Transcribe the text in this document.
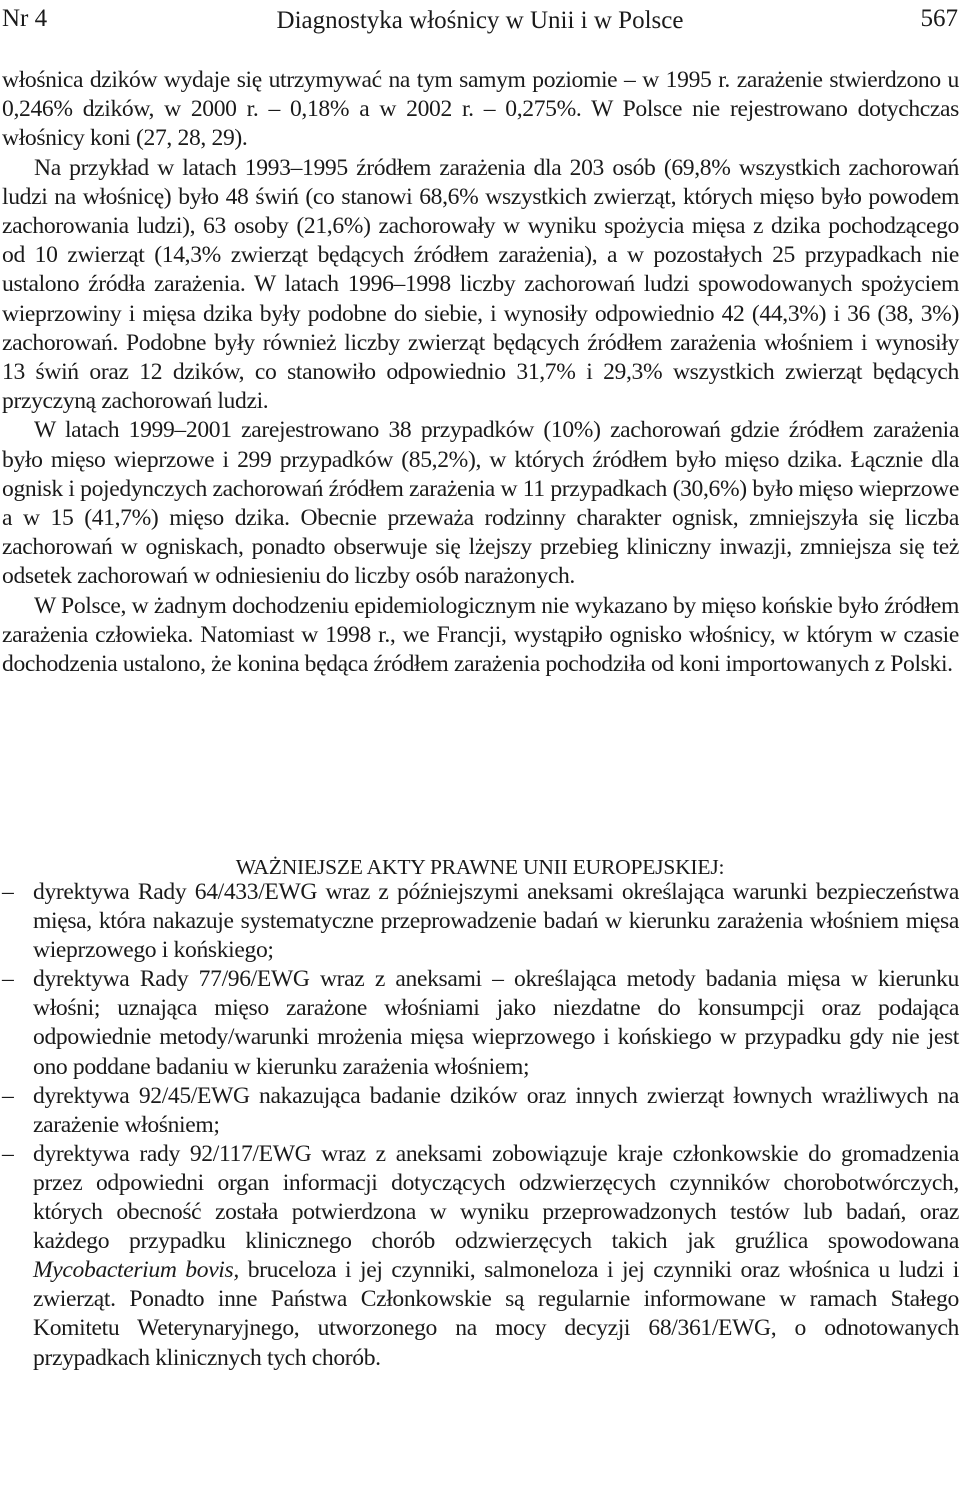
Nr 4	Diagnostyka włośnicy w Unii i w Polsce	567

włośnica dzików wydaje się utrzymywać na tym samym poziomie – w 1995 r. zarażenie stwierdzono u 0,246% dzików, w 2000 r. – 0,18% a w 2002 r. – 0,275%. W Polsce nie rejestrowano dotychczas włośnicy koni (27, 28, 29).

Na przykład w latach 1993–1995 źródłem zarażenia dla 203 osób (69,8% wszystkich zachorowań ludzi na włośnicę) było 48 świń (co stanowi 68,6% wszystkich zwierząt, których mięso było powodem zachorowania ludzi), 63 osoby (21,6%) zachorowały w wyniku spożycia mięsa z dzika pochodzącego od 10 zwierząt (14,3% zwierząt będących źródłem zarażenia), a w pozostałych 25 przypadkach nie ustalono źródła zarażenia. W latach 1996–1998 liczby zachorowań ludzi spowodowanych spożyciem wieprzowiny i mięsa dzika były podobne do siebie, i wynosiły odpowiednio 42 (44,3%) i 36 (38, 3%) zachorowań. Podobne były również liczby zwierząt będących źródłem zarażenia włośniem i wynosiły 13 świń oraz 12 dzików, co stanowiło odpowiednio 31,7% i 29,3% wszystkich zwierząt będących przyczyną zachorowań ludzi.

W latach 1999–2001 zarejestrowano 38 przypadków (10%) zachorowań gdzie źródłem zarażenia było mięso wieprzowe i 299 przypadków (85,2%), w których źródłem było mięso dzika. Łącznie dla ognisk i pojedynczych zachorowań źródłem zarażenia w 11 przypadkach (30,6%) było mięso wieprzowe a w 15 (41,7%) mięso dzika. Obecnie przeważa rodzinny charakter ognisk, zmniejszyła się liczba zachorowań w ogniskach, ponadto obserwuje się lżejszy przebieg kliniczny inwazji, zmniejsza się też odsetek zachorowań w odniesieniu do liczby osób narażonych.

W Polsce, w żadnym dochodzeniu epidemiologicznym nie wykazano by mięso końskie było źródłem zarażenia człowieka. Natomiast w 1998 r., we Francji, wystąpiło ognisko włośnicy, w którym w czasie dochodzenia ustalono, że konina będąca źródłem zarażenia pochodziła od koni importowanych z Polski.

WAŻNIEJSZE AKTY PRAWNE UNII EUROPEJSKIEJ:
– dyrektywa Rady 64/433/EWG wraz z późniejszymi aneksami określająca warunki bezpieczeństwa mięsa, która nakazuje systematyczne przeprowadzenie badań w kierunku zarażenia włośniem mięsa wieprzowego i końskiego;
– dyrektywa Rady 77/96/EWG wraz z aneksami – określająca metody badania mięsa w kierunku włośni; uznająca mięso zarażone włośniami jako niezdatne do konsumpcji oraz podająca odpowiednie metody/warunki mrożenia mięsa wieprzowego i końskiego w przypadku gdy nie jest ono poddane badaniu w kierunku zarażenia włośniem;
– dyrektywa 92/45/EWG nakazująca badanie dzików oraz innych zwierząt łownych wrażliwych na zarażenie włośniem;
– dyrektywa rady 92/117/EWG wraz z aneksami zobowiązuje kraje członkowskie do gromadzenia przez odpowiedni organ informacji dotyczących odzwierzęcych czynników chorobotwórczych, których obecność została potwierdzona w wyniku przeprowadzonych testów lub badań, oraz każdego przypadku klinicznego chorób odzwierzęcych takich jak gruźlica spowodowana Mycobacterium bovis, bruceloza i jej czynniki, salmoneloza i jej czynniki oraz włośnica u ludzi i zwierząt. Ponadto inne Państwa Członkowskie są regularnie informowane w ramach Stałego Komitetu Weterynaryjnego, utworzonego na mocy decyzji 68/361/EWG, o odnotowanych przypadkach klinicznych tych chorób.
